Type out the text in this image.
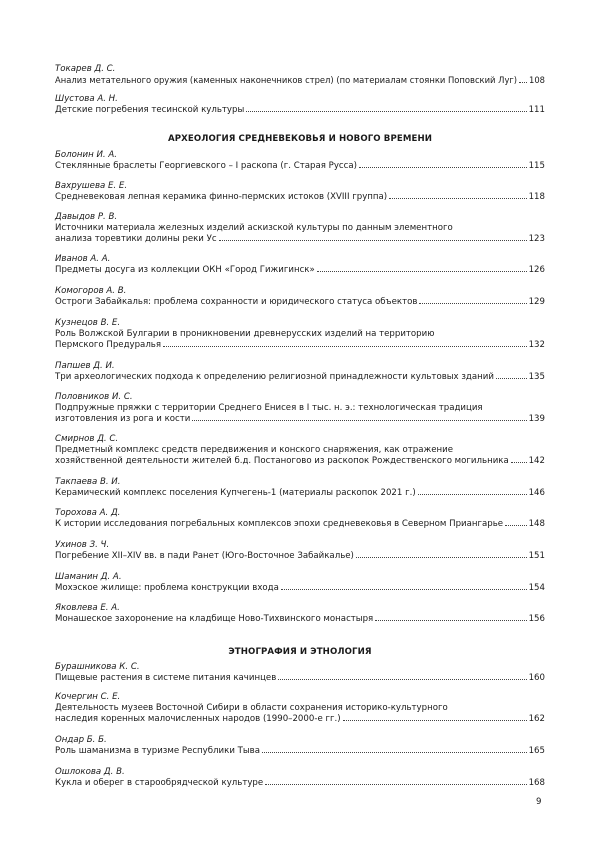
Токарев Д. С.
Анализ метательного оружия (каменных наконечников стрел) (по материалам стоянки Поповский Луг) 108
Шустова А. Н.
Детские погребения тесинской культуры	111
АРХЕОЛОГИЯ СРЕДНЕВЕКОВЬЯ И НОВОГО ВРЕМЕНИ
Болонин И. А.
Стеклянные браслеты Георгиевского – I раскопа (г. Старая Русса)	115
Вахрушева Е. Е.
Средневековая лепная керамика финно-пермских истоков (XVIII группа)	118
Давыдов Р. В.
Источники материала железных изделий аскизской культуры по данным элементного
анализа торевтики долины реки Ус	123
Иванов А. А.
Предметы досуга из коллекции ОКН «Город Гижигинск»	126
Комогоров А. В.
Остроги Забайкалья: проблема сохранности и юридического статуса объектов	129
Кузнецов В. Е.
Роль Волжской Булгарии в проникновении древнерусских изделий на территорию
Пермского Предуралья	132
Папшев Д. И.
Три археологических подхода к определению религиозной принадлежности культовых зданий	135
Половников И. С.
Подпружные пряжки с территории Среднего Енисея в I тыс. н. э.: технологическая традиция
изготовления из рога и кости	139
Смирнов Д. С.
Предметный комплекс средств передвижения и конского снаряжения, как отражение
хозяйственной деятельности жителей б.д. Постаногово из раскопок Рождественского могильника 142
Такпаева В. И.
Керамический комплекс поселения Купчегень-1 (материалы раскопок 2021 г.)	146
Торохова А. Д.
К истории исследования погребальных комплексов эпохи средневековья в Северном Приангарье	148
Ухинов З. Ч.
Погребение XII–XIV вв. в пади Ранет (Юго-Восточное Забайкалье)	151
Шаманин Д. А.
Мохэское жилище: проблема конструкции входа	154
Яковлева Е. А.
Монашеское захоронение на кладбище Ново-Тихвинского монастыря	156
ЭТНОГРАФИЯ И ЭТНОЛОГИЯ
Бурашникова К. С.
Пищевые растения в системе питания качинцев	160
Кочергин С. Е.
Деятельность музеев Восточной Сибири в области сохранения историко-культурного
наследия коренных малочисленных народов (1990–2000-е гг.)	162
Ондар Б. Б.
Роль шаманизма в туризме Республики Тыва	165
Ошлокова Д. В.
Кукла и оберег в старообрядческой культуре	168
9
